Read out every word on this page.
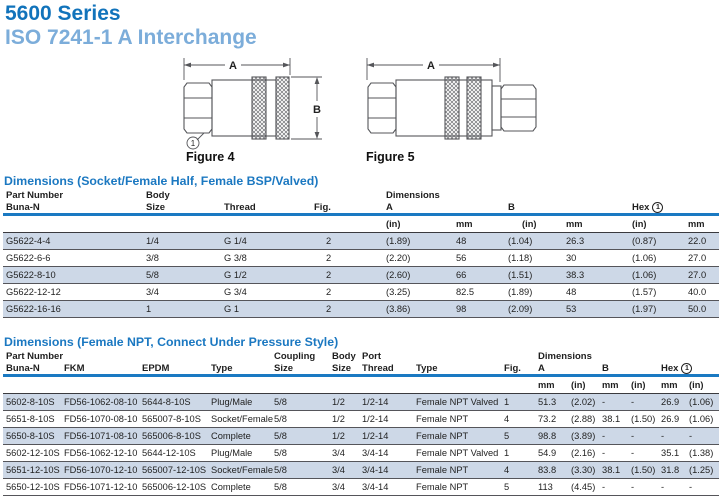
5600 Series
ISO 7241-1 A Interchange
A
B
1
Figure 4
A
Figure 5
Dimensions (Socket/Female Half, Female BSP/Valved)
Part Number	Body			Dimensions					
Buna-N	Size	Thread	Fig.	A		B		Hex 1	
				(in)	mm	(in)	mm	(in)	mm
G5622-4-4	1/4	G 1/4	2	(1.89)	48	(1.04)	26.3	(0.87)	22.0
G5622-6-6	3/8	G 3/8	2	(2.20)	56	(1.18)	30	(1.06)	27.0
G5622-8-10	5/8	G 1/2	2	(2.60)	66	(1.51)	38.3	(1.06)	27.0
G5622-12-12	3/4	G 3/4	2	(3.25)	82.5	(1.89)	48	(1.57)	40.0
G5622-16-16	1	G 1	2	(3.86)	98	(2.09)	53	(1.97)	50.0
Dimensions (Female NPT, Connect Under Pressure Style)
Part Number				Coupling	Body	Port			Dimensions					
Buna-N	FKM	EPDM	Type	Size	Size	Thread	Type	Fig.	A		B		Hex 1	
									mm	(in)	mm	(in)	mm	(in)
5602-8-10S	FD56-1062-08-10	5644-8-10S	Plug/Male	5/8	1/2	1/2-14	Female NPT Valved	1	51.3	(2.02)	-	-	26.9	(1.06)
5651-8-10S	FD56-1070-08-10	565007-8-10S	Socket/Female	5/8	1/2	1/2-14	Female NPT	4	73.2	(2.88)	38.1	(1.50)	26.9	(1.06)
5650-8-10S	FD56-1071-08-10	565006-8-10S	Complete	5/8	1/2	1/2-14	Female NPT	5	98.8	(3.89)	-	-	-	-
5602-12-10S	FD56-1062-12-10	5644-12-10S	Plug/Male	5/8	3/4	3/4-14	Female NPT Valved	1	54.9	(2.16)	-	-	35.1	(1.38)
5651-12-10S	FD56-1070-12-10	565007-12-10S	Socket/Female	5/8	3/4	3/4-14	Female NPT	4	83.8	(3.30)	38.1	(1.50)	31.8	(1.25)
5650-12-10S	FD56-1071-12-10	565006-12-10S	Complete	5/8	3/4	3/4-14	Female NPT	5	113	(4.45)	-	-	-	-
